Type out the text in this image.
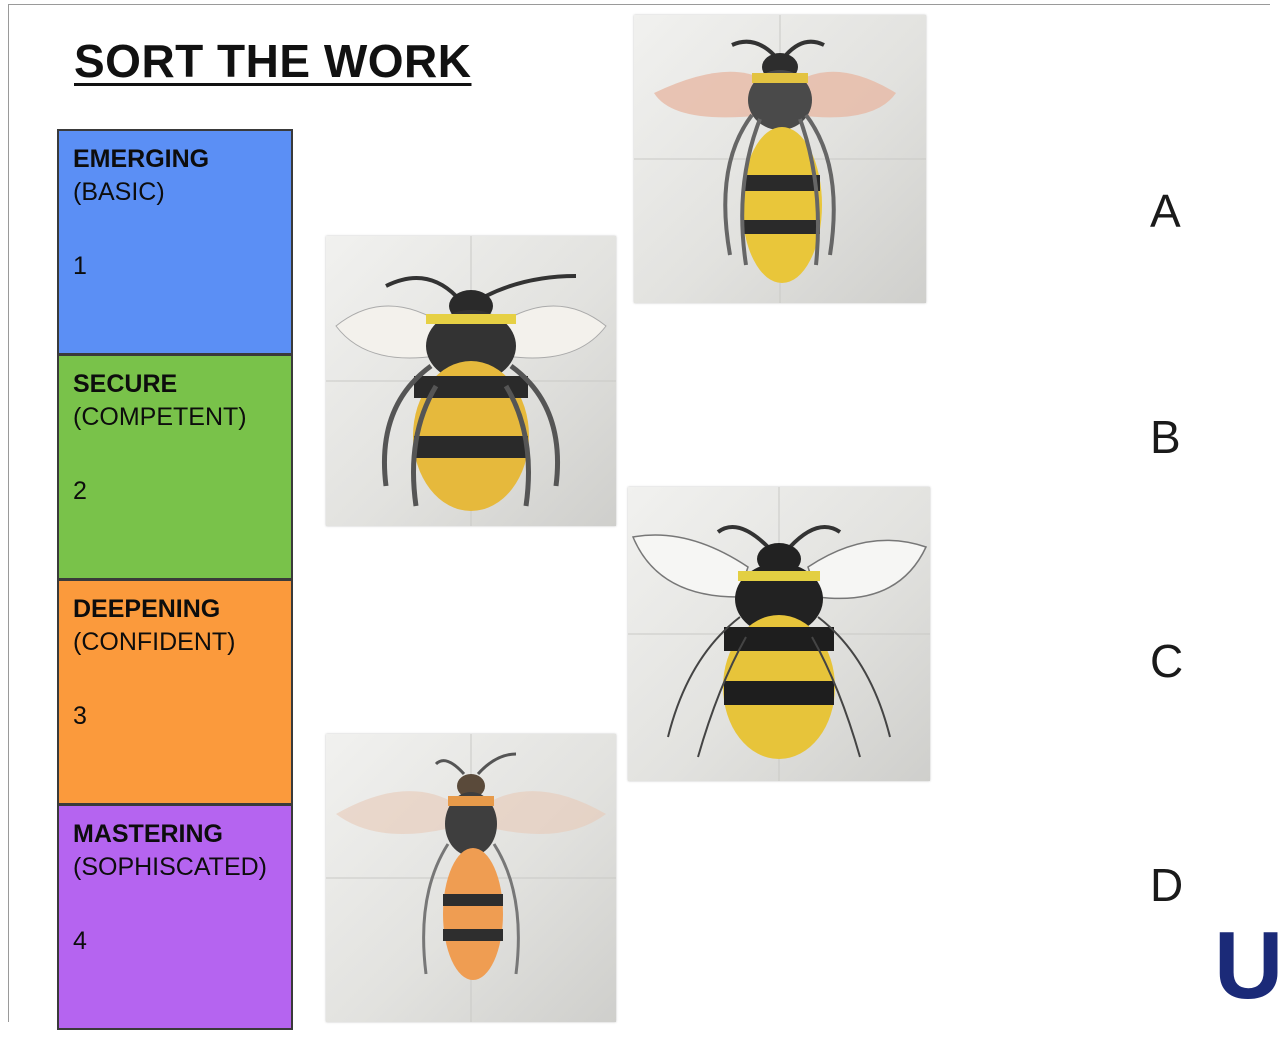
SORT THE WORK
EMERGING
(BASIC)
1
SECURE
(COMPETENT)
2
DEEPENING
(CONFIDENT)
3
MASTERING
(SOPHISCATED)
4
A
B
C
D
U
